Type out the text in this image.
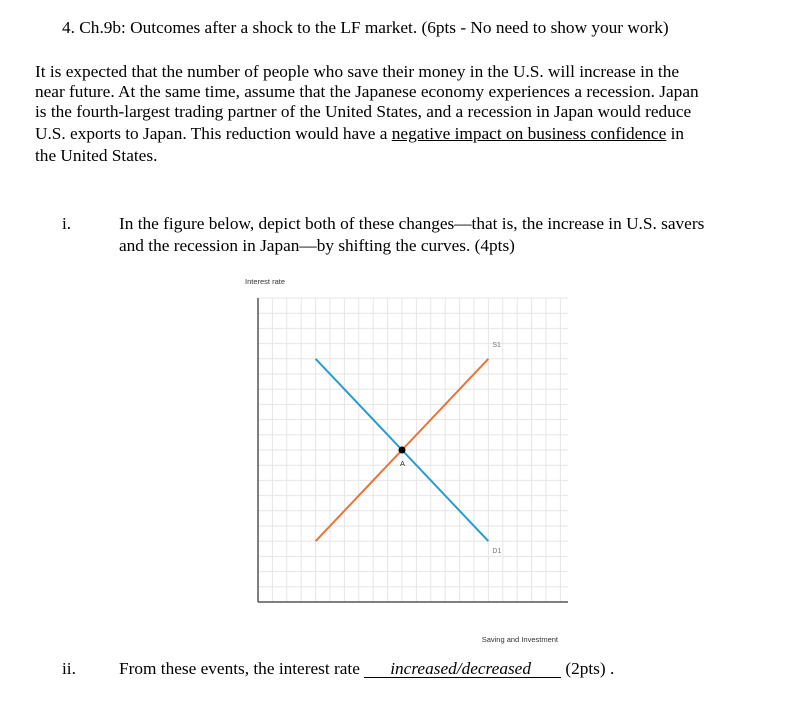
4. Ch.9b: Outcomes after a shock to the LF market. (6pts - No need to show your work)
It is expected that the number of people who save their money in the U.S. will increase in the
near future. At the same time, assume that the Japanese economy experiences a recession. Japan
is the fourth-largest trading partner of the United States, and a recession in Japan would reduce
U.S. exports to Japan. This reduction would have a negative impact on business confidence in
the United States.
i.	In the figure below, depict both of these changes—that is, the increase in U.S. savers
and the recession in Japan—by shifting the curves. (4pts)
Interest rate
Saving and Investment
S1
D1
A
ii. From these events, the interest rate increased/decreased (2pts) .
